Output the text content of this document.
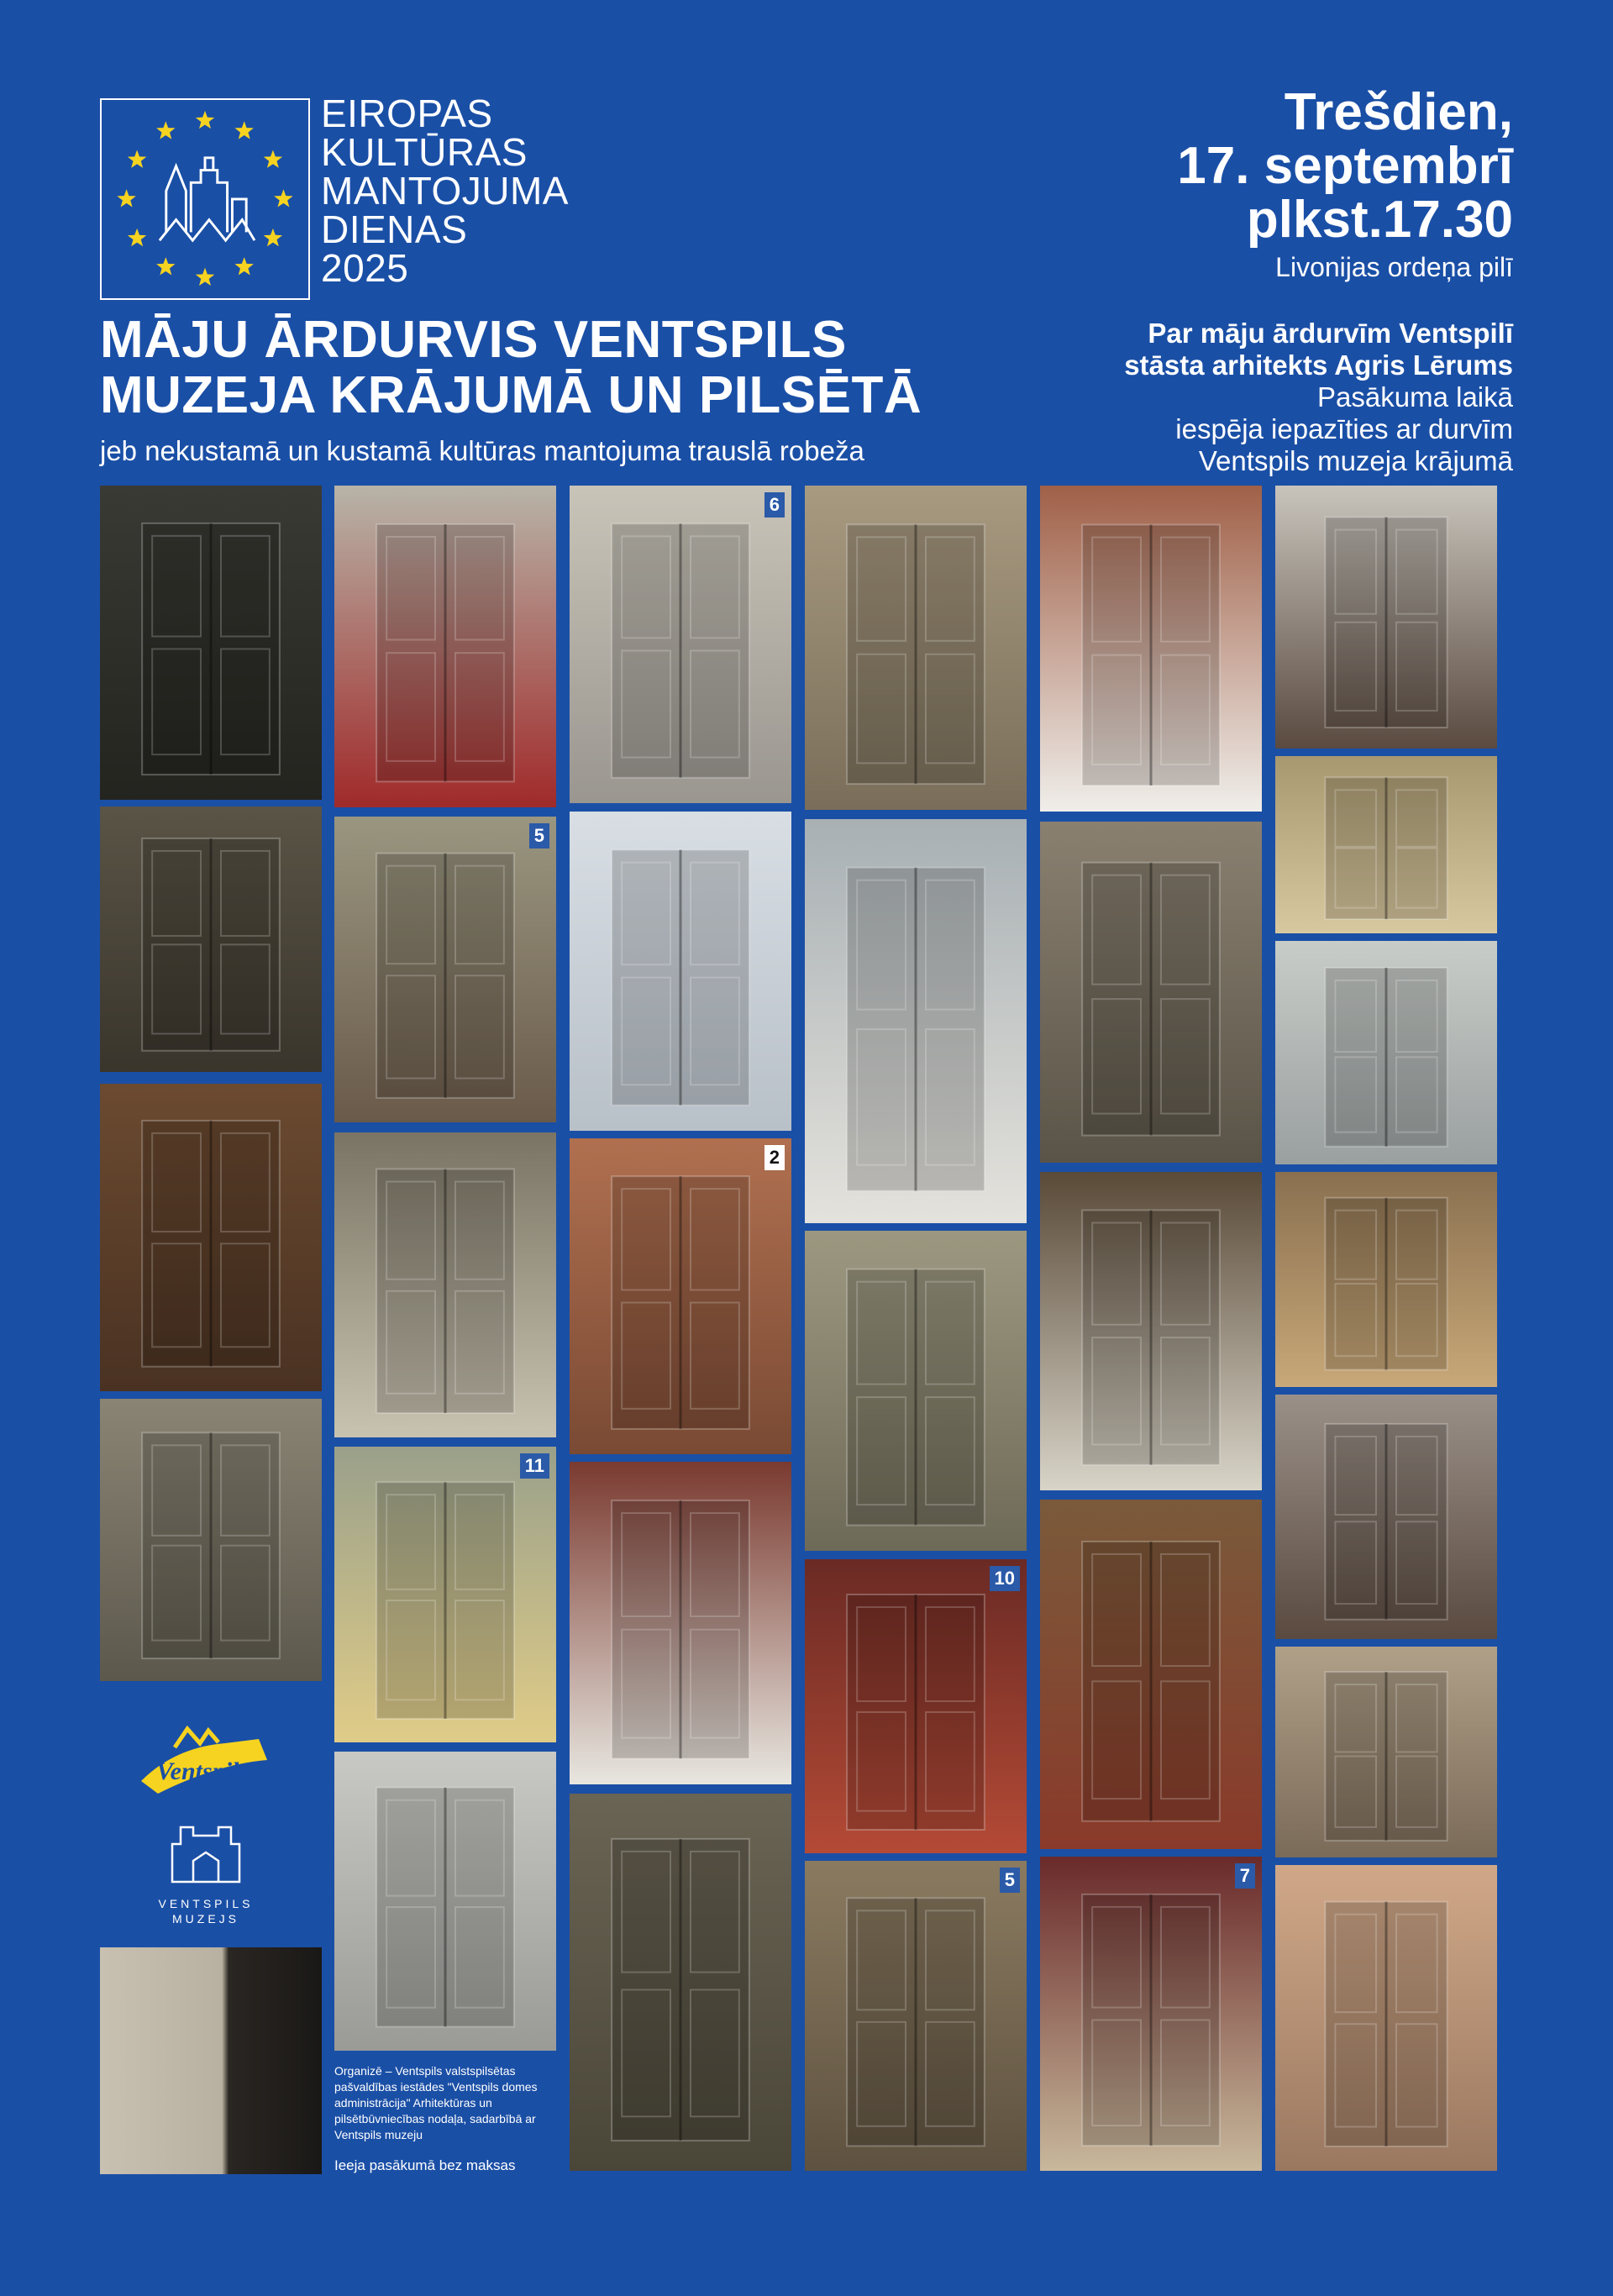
EIROPAS
KULTŪRAS
MANTOJUMA
DIENAS
2025
MĀJU ĀRDURVIS VENTSPILS
MUZEJA KRĀJUMĀ UN PILSĒTĀ
jeb nekustamā un kustamā kultūras mantojuma trauslā robeža
Trešdien,
17. septembrī
plkst.17.30
Livonijas ordeņa pilī
Par māju ārdurvīm Ventspilī
stāsta arhitekts Agris Lērums
Pasākuma laikā
iespēja iepazīties ar durvīm
Ventspils muzeja krājumā
5
11
6
2
10
5	7
Ventspils
VENTSPILS
MUZEJS
Organizē – Ventspils valstspilsētas pašvaldības iestādes "Ventspils domes administrācija" Arhitektūras un pilsētbūvniecības nodaļa, sadarbībā ar Ventspils muzeju
Ieeja pasākumā bez maksas
